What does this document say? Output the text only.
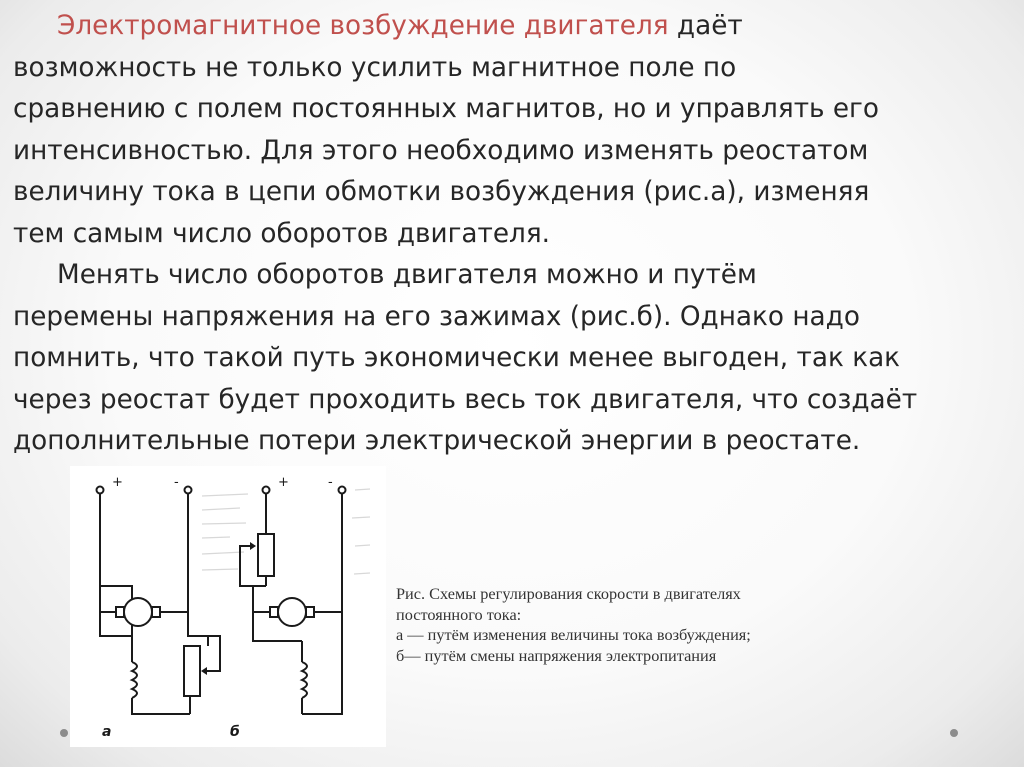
Электромагнитное возбуждение двигателя даёт

возможность не только усилить магнитное поле по

сравнению с полем постоянных магнитов, но и управлять его

интенсивностью. Для этого необходимо изменять реостатом

величину тока в цепи обмотки возбуждения (рис.а), изменяя

тем самым число оборотов двигателя.

Менять число оборотов двигателя можно и путём

перемены напряжения на его зажимах (рис.б). Однако надо

помнить, что такой путь экономически менее выгоден, так как

через реостат будет проходить весь ток двигателя, что создаёт

дополнительные потери электрической энергии в реостате.

+	-
а
+	-
б
Рис. Схемы регулирования скорости в двигателях
постоянного тока:
а — путём изменения величины тока возбуждения;
б— путём смены напряжения электропитания
